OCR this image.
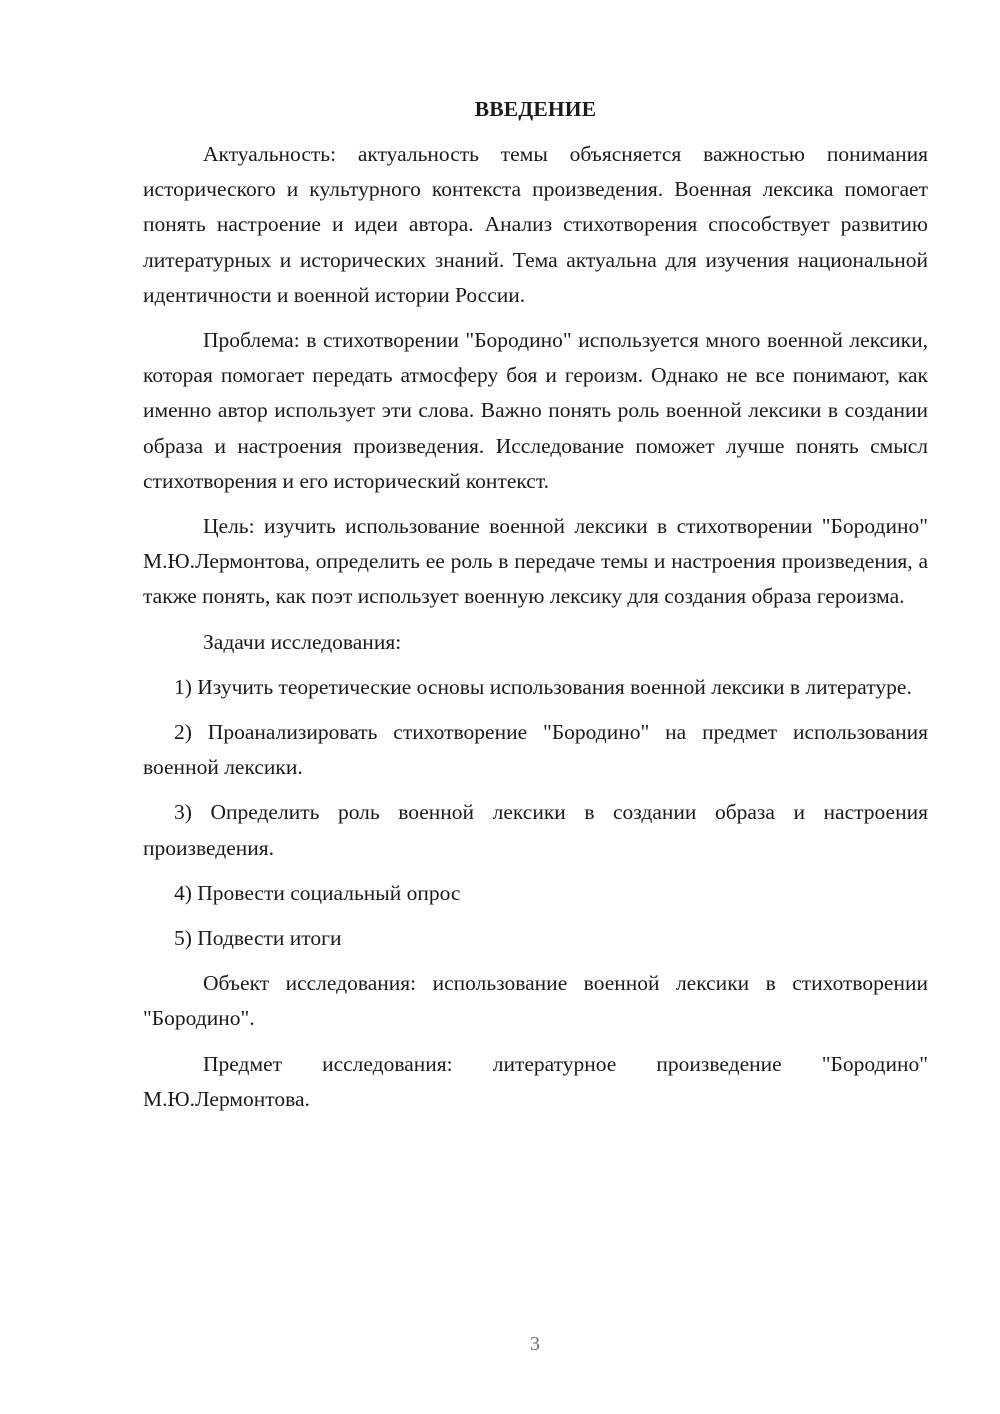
ВВЕДЕНИЕ

Актуальность: актуальность темы объясняется важностью понимания исторического и культурного контекста произведения. Военная лексика помогает понять настроение и идеи автора. Анализ стихотворения способствует развитию литературных и исторических знаний. Тема актуальна для изучения национальной идентичности и военной истории России.

Проблема: в стихотворении "Бородино" используется много военной лексики, которая помогает передать атмосферу боя и героизм. Однако не все понимают, как именно автор использует эти слова. Важно понять роль военной лексики в создании образа и настроения произведения. Исследование поможет лучше понять смысл стихотворения и его исторический контекст.

Цель: изучить использование военной лексики в стихотворении "Бородино" М.Ю.Лермонтова, определить ее роль в передаче темы и настроения произведения, а также понять, как поэт использует военную лексику для создания образа героизма.

Задачи исследования:

1) Изучить теоретические основы использования военной лексики в литературе.

2) Проанализировать стихотворение "Бородино" на предмет использования военной лексики.

3) Определить роль военной лексики в создании образа и настроения произведения.

4) Провести социальный опрос

5) Подвести итоги

Объект исследования: использование военной лексики в стихотворении "Бородино".

Предмет исследования: литературное произведение "Бородино" М.Ю.Лермонтова.

3
